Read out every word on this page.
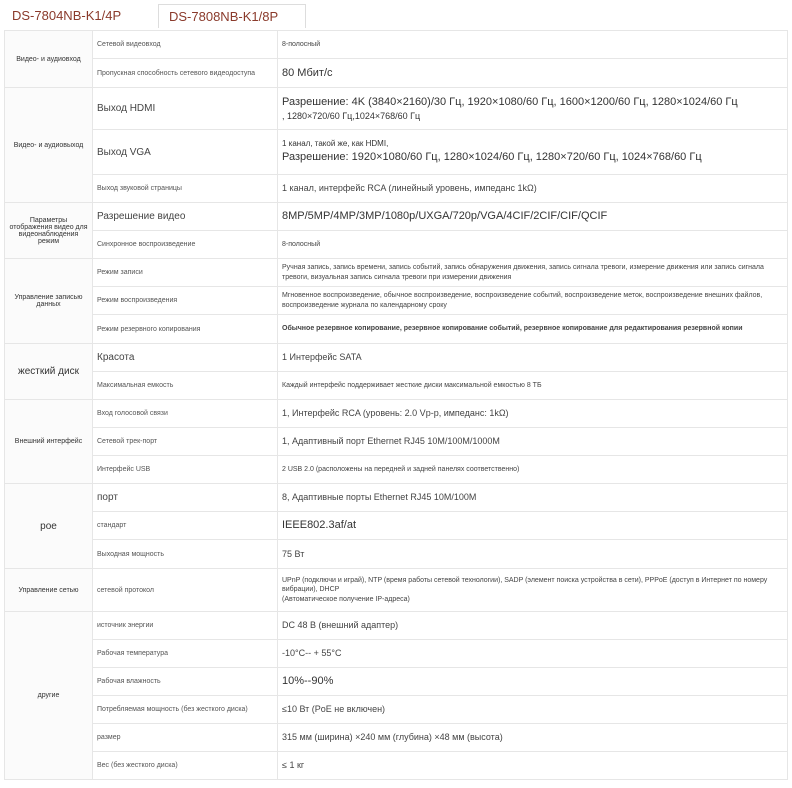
DS-7804NB-K1/4P	DS-7808NB-K1/8P
Видео- и аудиовход	Сетевой видеовход	8-полосный
	Пропускная способность сетевого видеодоступа	80 Мбит/с
Видео- и аудиовыход	Выход HDMI	Разрешение: 4K (3840×2160)/30 Гц, 1920×1080/60 Гц, 1600×1200/60 Гц, 1280×1024/60 Гц
, 1280×720/60 Гц,1024×768/60 Гц

	Выход VGA	1 канал, такой же, как HDMI,
Разрешение: 1920×1080/60 Гц, 1280×1024/60 Гц, 1280×720/60 Гц, 1024×768/60 Гц

	Выход звуковой страницы	1 канал, интерфейс RCA (линейный уровень, импеданс 1kΩ)
Параметры отображения видео для видеонаблюдения режим	Разрешение видео	8MP/5MP/4MP/3MP/1080p/UXGA/720p/VGA/4CIF/2CIF/CIF/QCIF
	Синхронное воспроизведение	8-полосный
Управление записью данных	Режим записи	Ручная запись, запись времени, запись событий, запись обнаружения движения, запись сигнала тревоги, измерение движения или запись сигнала тревоги, визуальная запись сигнала тревоги при измерении движения
	Режим воспроизведения	Мгновенное воспроизведение, обычное воспроизведение, воспроизведение событий, воспроизведение меток, воспроизведение внешних файлов, воспроизведение журнала по календарному сроку
	Режим резервного копирования	Обычное резервное копирование, резервное копирование событий, резервное копирование для редактирования резервной копии
жесткий диск	Красота	1 Интерфейс SATA
	Максимальная емкость	Каждый интерфейс поддерживает жесткие диски максимальной емкостью 8 ТБ
Внешний интерфейс	Вход голосовой связи	1, Интерфейс RCA (уровень: 2.0 Vp-p, импеданс: 1kΩ)
	Сетевой трек-порт	1, Адаптивный порт Ethernet RJ45 10M/100M/1000M
	Интерфейс USB	2 USB 2.0 (расположены на передней и задней панелях соответственно)
рое	порт	8, Адаптивные порты Ethernet RJ45 10M/100M
	стандарт	IEEE802.3af/at
	Выходная мощность	75 Вт
Управление сетью	сетевой протокол	UPnP (подключи и играй), NTP (время работы сетевой технологии), SADP (элемент поиска устройства в сети), PPPoE (доступ в Интернет по номеру вибрации), DHCP
(Автоматическое получение IP-адреса)

другие	источник энергии	DC 48 В (внешний адаптер)
	Рабочая температура	-10°C-- + 55°C
	Рабочая влажность	10%--90%
	Потребляемая мощность (без жесткого диска)	≤10 Вт (PoE не включен)
	размер	315 мм (ширина) ×240 мм (глубина) ×48 мм (высота)
	Вес (без жесткого диска)	≤ 1 кг
